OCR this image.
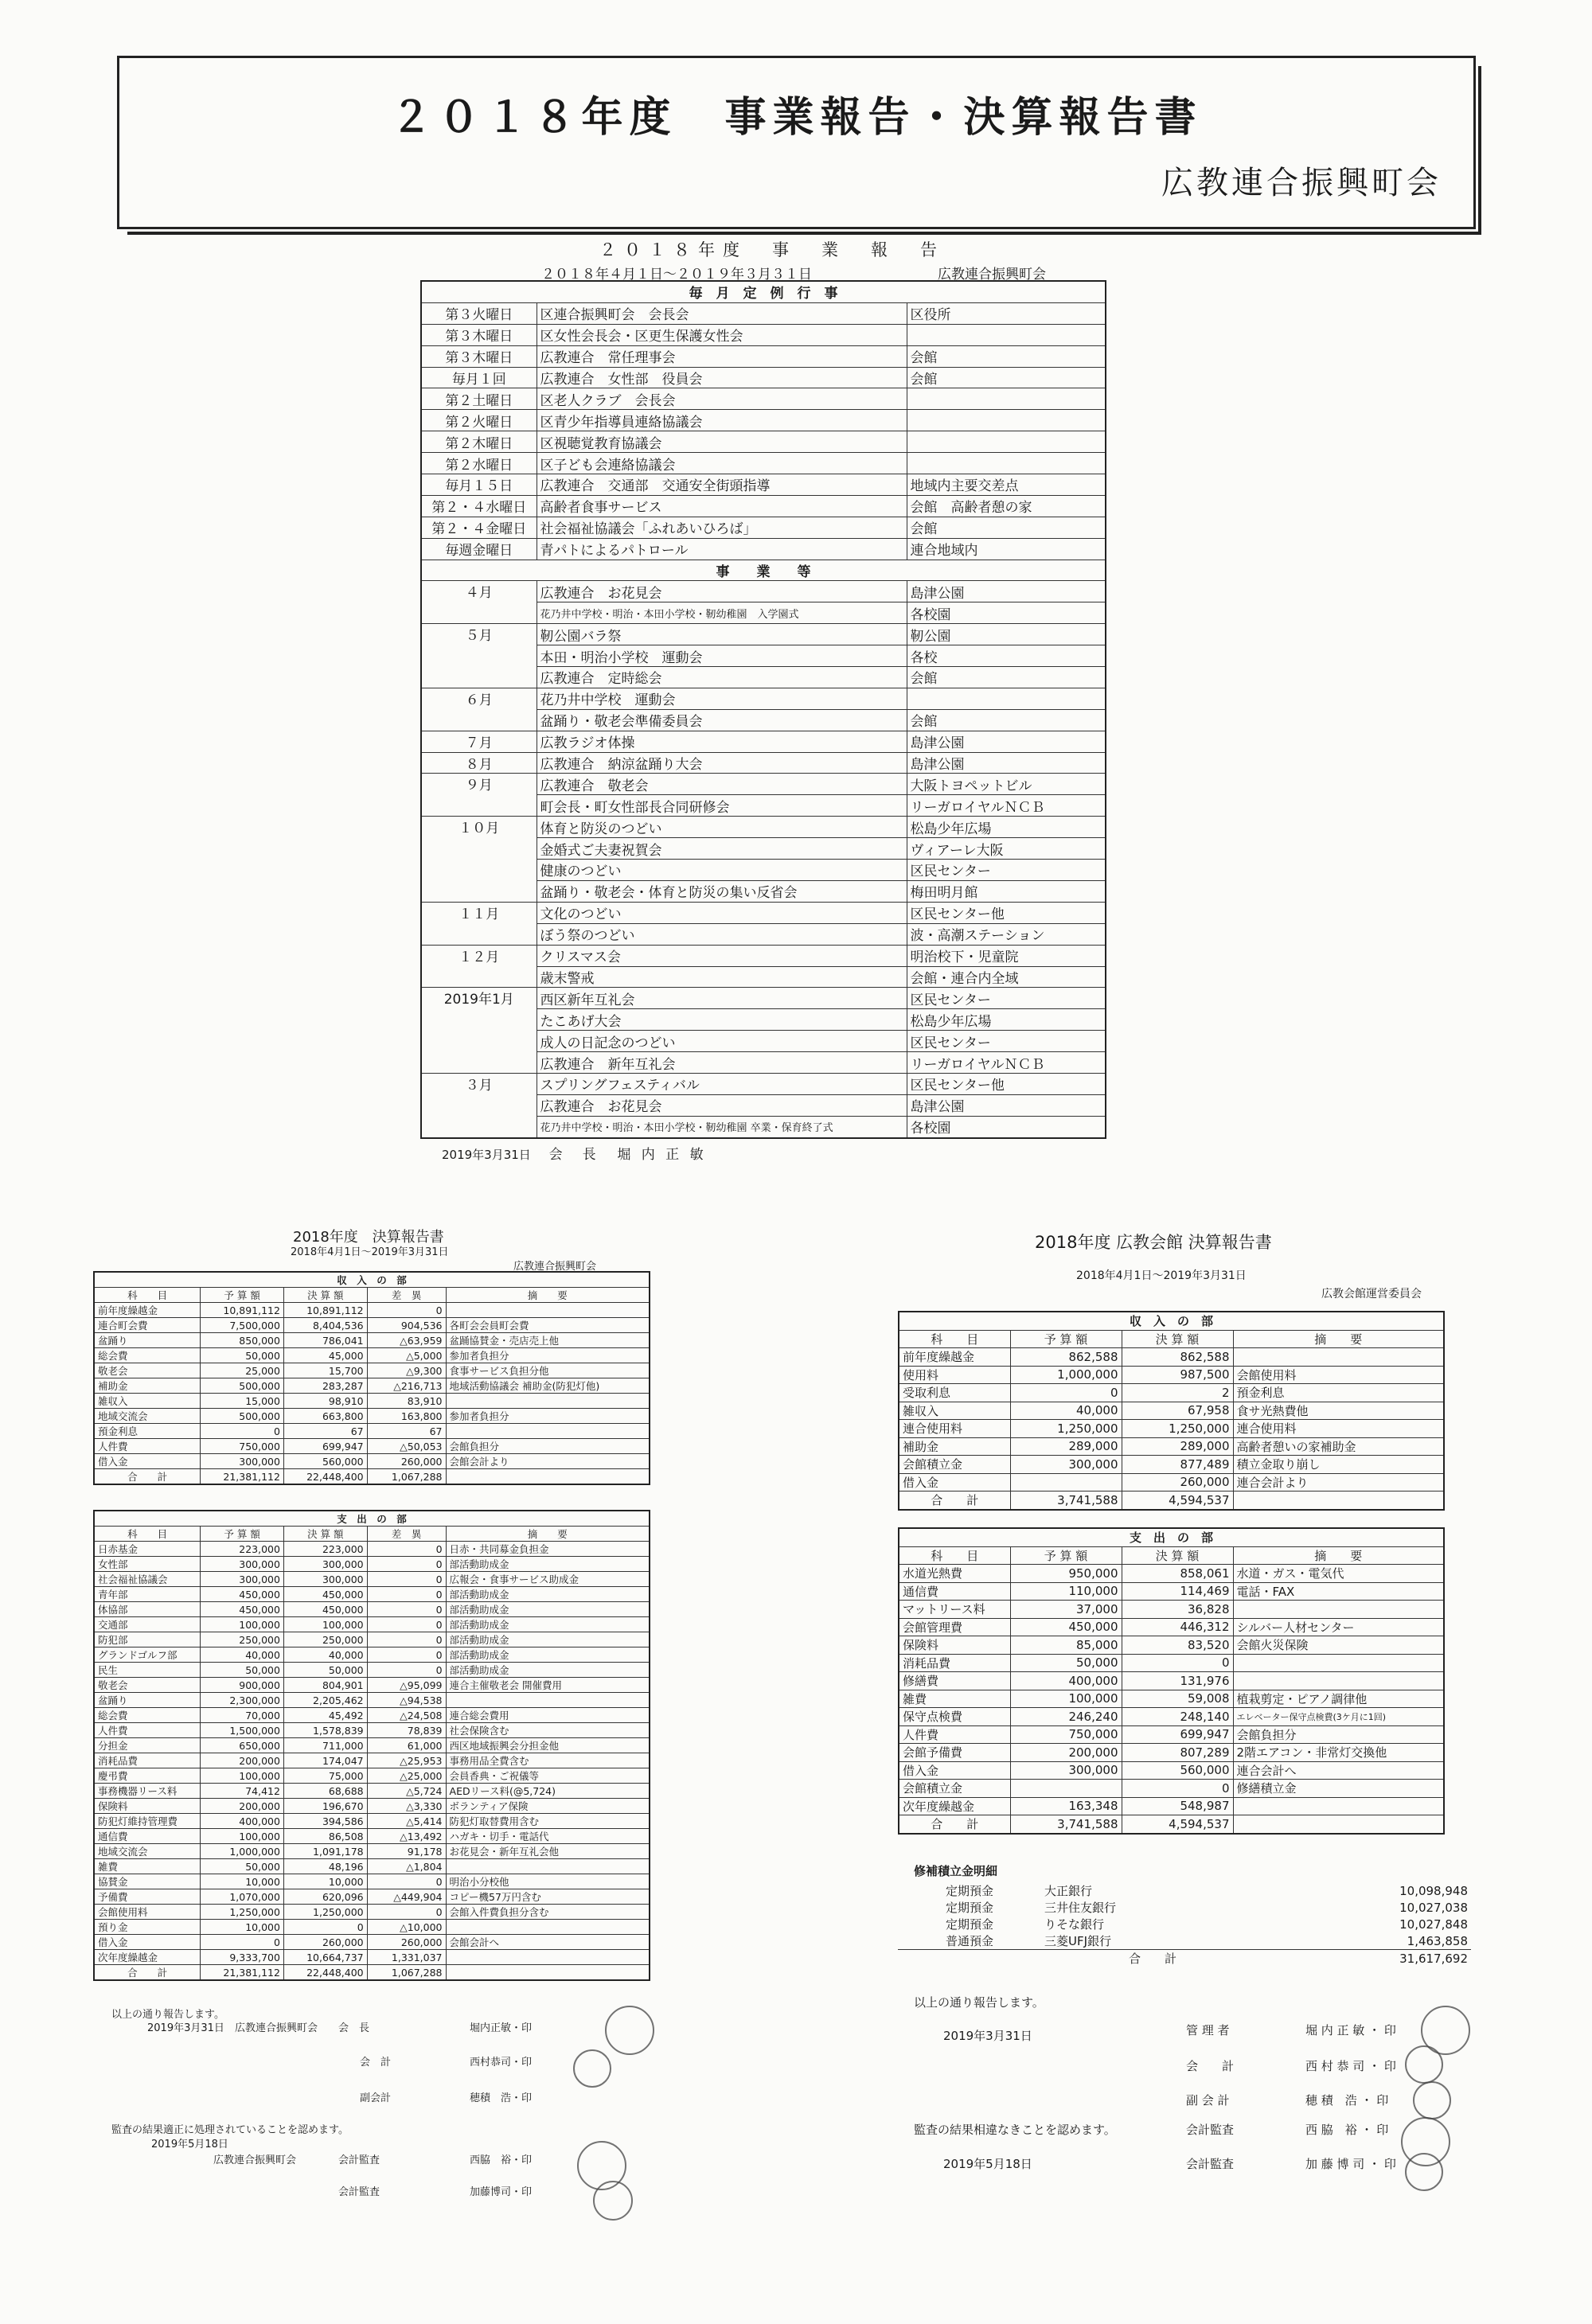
２０１８年度　事業報告・決算報告書
広教連合振興町会
２０１８年度　事　業　報　告
２０１８年４月１日～２０１９年３月３１日	広教連合振興町会
毎　月　定　例　行　事		
第３火曜日	区連合振興町会　会長会	区役所
第３木曜日	区女性会長会・区更生保護女性会	
第３木曜日	広教連合　常任理事会	会館
毎月１回	広教連合　女性部　役員会	会館
第２土曜日	区老人クラブ　会長会	
第２火曜日	区青少年指導員連絡協議会	
第２木曜日	区視聴覚教育協議会	
第２水曜日	区子ども会連絡協議会	
毎月１５日	広教連合　交通部　交通安全街頭指導	地域内主要交差点
第２・４水曜日	高齢者食事サービス	会館　高齢者憩の家
第２・４金曜日	社会福祉協議会「ふれあいひろば」	会館
毎週金曜日	青パトによるパトロール	連合地域内
事　　業　　等		
４月	広教連合　お花見会	島津公園
	花乃井中学校・明治・本田小学校・靭幼稚園　入学園式	各校園
５月	靭公園バラ祭	靭公園
	本田・明治小学校　運動会	各校
	広教連合　定時総会	会館
６月	花乃井中学校　運動会	
	盆踊り・敬老会準備委員会	会館
７月	広教ラジオ体操	島津公園
８月	広教連合　納涼盆踊り大会	島津公園
９月	広教連合　敬老会	大阪トヨペットビル
	町会長・町女性部長合同研修会	リーガロイヤルＮＣＢ
１０月	体育と防災のつどい	松島少年広場
	金婚式ご夫妻祝賀会	ヴィアーレ大阪
	健康のつどい	区民センター
	盆踊り・敬老会・体育と防災の集い反省会	梅田明月館
１１月	文化のつどい	区民センター他
	ぼう祭のつどい	波・高潮ステーション
１２月	クリスマス会	明治校下・児童院
	歳末警戒	会館・連合内全域
2019年1月	西区新年互礼会	区民センター
	たこあげ大会	松島少年広場
	成人の日記念のつどい	区民センター
	広教連合　新年互礼会	リーガロイヤルＮＣＢ
３月	スプリングフェスティバル	区民センター他
	広教連合　お花見会	島津公園
	花乃井中学校・明治・本田小学校・靭幼稚園 卒業・保育終了式	各校園
2019年3月31日 会　長 堀 内 正 敏
2018年度　決算報告書
2018年4月1日～2019年3月31日
広教連合振興町会
収　入　の　部				
科　　目	予 算 額	決 算 額	差　異	摘　　要
前年度繰越金	10,891,112	10,891,112	0	
連合町会費	7,500,000	8,404,536	904,536	各町会会員町会費
盆踊り	850,000	786,041	△63,959	盆踊協賛金・売店売上他
総会費	50,000	45,000	△5,000	参加者負担分
敬老会	25,000	15,700	△9,300	食事サービス負担分他
補助金	500,000	283,287	△216,713	地域活動協議会 補助金(防犯灯他)
雑収入	15,000	98,910	83,910	
地域交流会	500,000	663,800	163,800	参加者負担分
預金利息	0	67	67	
人件費	750,000	699,947	△50,053	会館負担分
借入金	300,000	560,000	260,000	会館会計より
合　　計	21,381,112	22,448,400	1,067,288	
支　出　の　部				
科　　目	予 算 額	決 算 額	差　異	摘　　要
日赤基金	223,000	223,000	0	日赤・共同募金負担金
女性部	300,000	300,000	0	部活動助成金
社会福祉協議会	300,000	300,000	0	広報会・食事サービス助成金
青年部	450,000	450,000	0	部活動助成金
体協部	450,000	450,000	0	部活動助成金
交通部	100,000	100,000	0	部活動助成金
防犯部	250,000	250,000	0	部活動助成金
グランドゴルフ部	40,000	40,000	0	部活動助成金
民生	50,000	50,000	0	部活動助成金
敬老会	900,000	804,901	△95,099	連合主催敬老会 開催費用
盆踊り	2,300,000	2,205,462	△94,538	
総会費	70,000	45,492	△24,508	連合総会費用
人件費	1,500,000	1,578,839	78,839	社会保険含む
分担金	650,000	711,000	61,000	西区地域振興会分担金他
消耗品費	200,000	174,047	△25,953	事務用品全費含む
慶弔費	100,000	75,000	△25,000	会員香典・ご祝儀等
事務機器リース料	74,412	68,688	△5,724	AEDリース料(@5,724)
保険料	200,000	196,670	△3,330	ボランティア保険
防犯灯維持管理費	400,000	394,586	△5,414	防犯灯取替費用含む
通信費	100,000	86,508	△13,492	ハガキ・切手・電話代
地域交流会	1,000,000	1,091,178	91,178	お花見会・新年互礼会他
雑費	50,000	48,196	△1,804	
協賛金	10,000	10,000	0	明治小分校他
予備費	1,070,000	620,096	△449,904	コピー機57万円含む
会館使用料	1,250,000	1,250,000	0	会館入件費負担分含む
預り金	10,000	0	△10,000	
借入金	0	260,000	260,000	会館会計へ
次年度繰越金	9,333,700	10,664,737	1,331,037	
合　　計	21,381,112	22,448,400	1,067,288	
以上の通り報告します。
2019年3月31日 広教連合振興町会 会　長	堀内正敏・印
会　計	西村恭司・印
副会計	穂積　浩・印
監査の結果適正に処理されていることを認めます。
2019年5月18日
広教連合振興町会	会計監査	西脇　裕・印
会計監査	加藤博司・印
2018年度 広教会館 決算報告書
2018年4月1日～2019年3月31日
広教会館運営委員会
収　入　の　部			
科　　目	予 算 額	決 算 額	摘　　要
前年度繰越金	862,588	862,588	
使用料	1,000,000	987,500	会館使用料
受取利息	0	2	預金利息
雑収入	40,000	67,958	食サ光熱費他
連合使用料	1,250,000	1,250,000	連合使用料
補助金	289,000	289,000	高齢者憩いの家補助金
会館積立金	300,000	877,489	積立金取り崩し
借入金		260,000	連合会計より
合　　計	3,741,588	4,594,537	
支　出　の　部			
科　　目	予 算 額	決 算 額	摘　　要
水道光熱費	950,000	858,061	水道・ガス・電気代
通信費	110,000	114,469	電話・FAX
マットリース料	37,000	36,828	
会館管理費	450,000	446,312	シルバー人材センター
保険料	85,000	83,520	会館火災保険
消耗品費	50,000	0	
修繕費	400,000	131,976	
雑費	100,000	59,008	植栽剪定・ピアノ調律他
保守点検費	246,240	248,140	エレベーター保守点検費(3ケ月に1回)
人件費	750,000	699,947	会館負担分
会館予備費	200,000	807,289	2階エアコン・非常灯交換他
借入金	300,000	560,000	連合会計へ
会館積立金		0	修繕積立金
次年度繰越金	163,348	548,987	
合　　計	3,741,588	4,594,537	
修補積立金明細
定期預金	大正銀行	10,098,948
定期預金	三井住友銀行	10,027,038
定期預金	りそな銀行	10,027,848
普通預金	三菱UFJ銀行	1,463,858
	合　　計	31,617,692
以上の通り報告します。
2019年3月31日	管 理 者	堀 内 正 敏 ・ 印
会　　計	西 村 恭 司 ・ 印
副 会 計	穂 積　浩 ・ 印
監査の結果相違なきことを認めます。	会計監査	西 脇　裕 ・ 印
2019年5月18日	会計監査	加 藤 博 司 ・ 印
